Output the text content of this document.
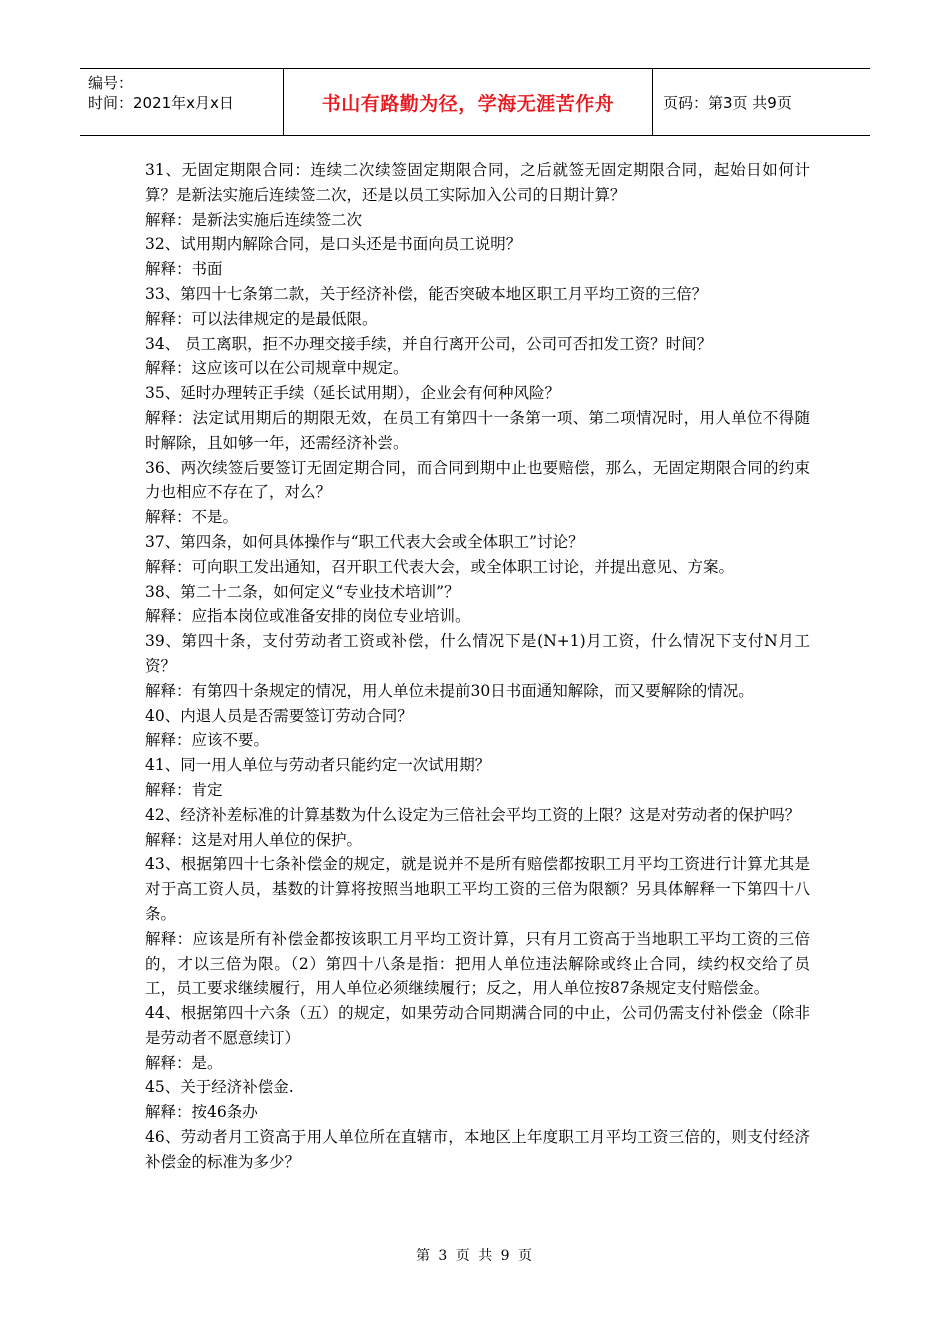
编号：
时间：2021年x月x日	书山有路勤为径，学海无涯苦作舟	页码：第3页 共9页

31、无固定期限合同：连续二次续签固定期限合同，之后就签无固定期限合同，起始日如何计算？是新法实施后连续签二次，还是以员工实际加入公司的日期计算？

解释：是新法实施后连续签二次

32、试用期内解除合同，是口头还是书面向员工说明？

解释：书面

33、第四十七条第二款，关于经济补偿，能否突破本地区职工月平均工资的三倍？

解释：可以法律规定的是最低限。

34、 员工离职，拒不办理交接手续，并自行离开公司，公司可否扣发工资？时间？

解释：这应该可以在公司规章中规定。

35、延时办理转正手续（延长试用期），企业会有何种风险？

解释：法定试用期后的期限无效，在员工有第四十一条第一项、第二项情况时，用人单位不得随时解除，且如够一年，还需经济补尝。

36、两次续签后要签订无固定期合同，而合同到期中止也要赔偿，那么，无固定期限合同的约束力也相应不存在了，对么？

解释：不是。

37、第四条，如何具体操作与“职工代表大会或全体职工”讨论？

解释：可向职工发出通知，召开职工代表大会，或全体职工讨论，并提出意见、方案。

38、第二十二条，如何定义“专业技术培训”？

解释：应指本岗位或准备安排的岗位专业培训。

39、第四十条，支付劳动者工资或补偿，什么情况下是(N+1)月工资，什么情况下支付N月工资？

解释：有第四十条规定的情况，用人单位未提前30日书面通知解除，而又要解除的情况。

40、内退人员是否需要签订劳动合同？

解释：应该不要。

41、同一用人单位与劳动者只能约定一次试用期？

解释：肯定

42、经济补差标准的计算基数为什么设定为三倍社会平均工资的上限？这是对劳动者的保护吗？

解释：这是对用人单位的保护。

43、根据第四十七条补偿金的规定，就是说并不是所有赔偿都按职工月平均工资进行计算尤其是对于高工资人员，基数的计算将按照当地职工平均工资的三倍为限额？另具体解释一下第四十八条。

解释：应该是所有补偿金都按该职工月平均工资计算，只有月工资高于当地职工平均工资的三倍的，才以三倍为限。（2）第四十八条是指：把用人单位违法解除或终止合同，续约权交给了员工，员工要求继续履行，用人单位必须继续履行；反之，用人单位按87条规定支付赔偿金。

44、根据第四十六条（五）的规定，如果劳动合同期满合同的中止，公司仍需支付补偿金（除非是劳动者不愿意续订）

解释：是。

45、关于经济补偿金.

解释：按46条办

46、劳动者月工资高于用人单位所在直辖市，本地区上年度职工月平均工资三倍的，则支付经济补偿金的标准为多少？

第 3 页 共 9 页
